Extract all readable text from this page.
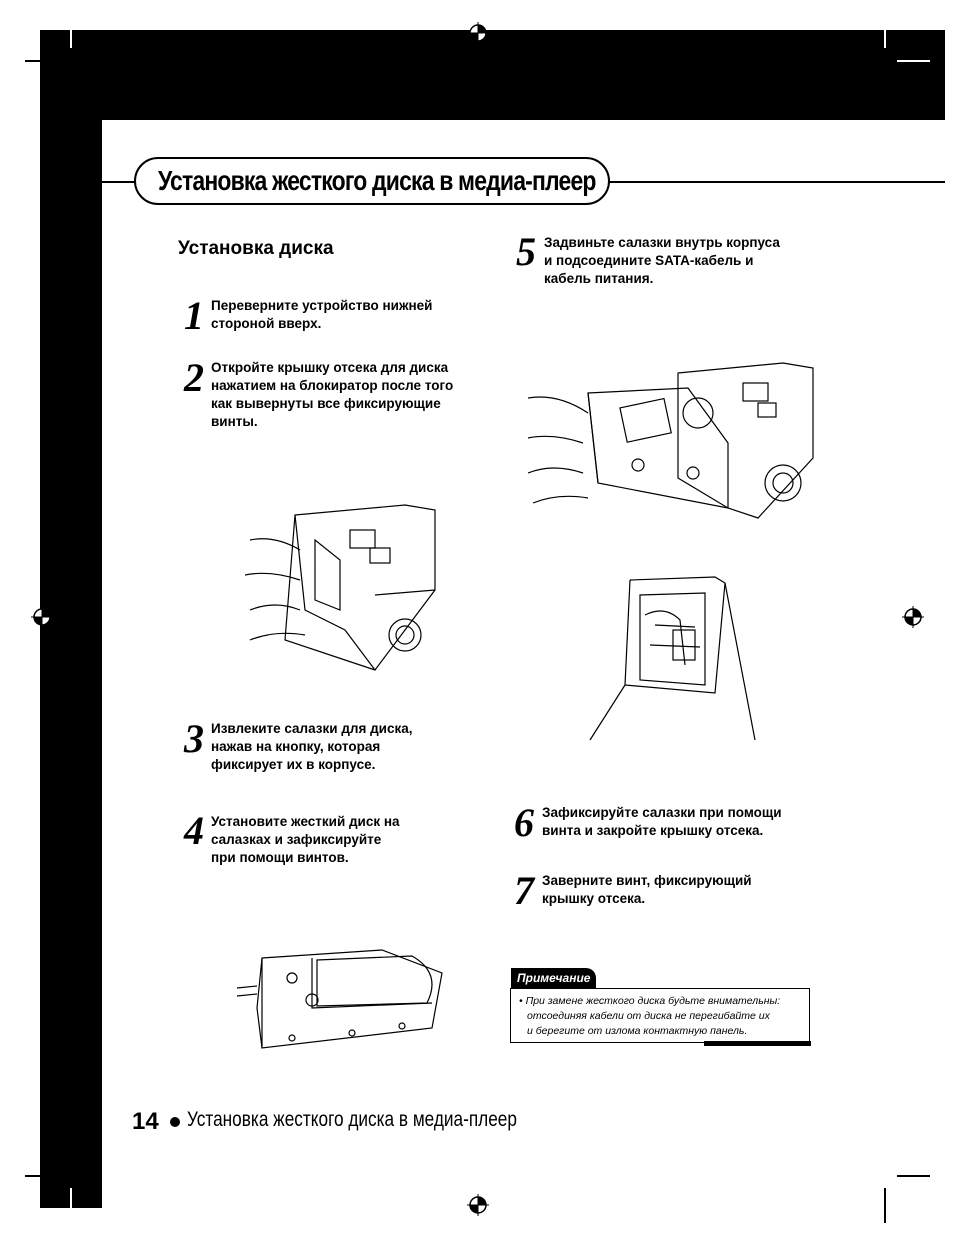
Установка жесткого диска в медиа-плеер
Установка диска
1 Переверните устройство нижней
стороной вверх.
2 Откройте крышку отсека для диска
нажатием на блокиратор после того
как вывернуты все фиксирующие
винты.
3 Извлеките салазки для диска,
нажав на кнопку, которая
фиксирует их в корпусе.
4 Установите жесткий диск на
салазках и зафиксируйте
при помощи винтов.
5 Задвиньте салазки внутрь корпуса
и подсоедините SATA-кабель и
кабель питания.
6 Зафиксируйте салазки при помощи
винта и закройте крышку отсека.
7 Заверните винт, фиксирующий
крышку отсека.
Примечание
• При замене жесткого диска будьте внимательны:
отсоединяя кабели от диска не перегибайте их
и берегите от излома контактную панель.
14 Установка жесткого диска в медиа-плеер
